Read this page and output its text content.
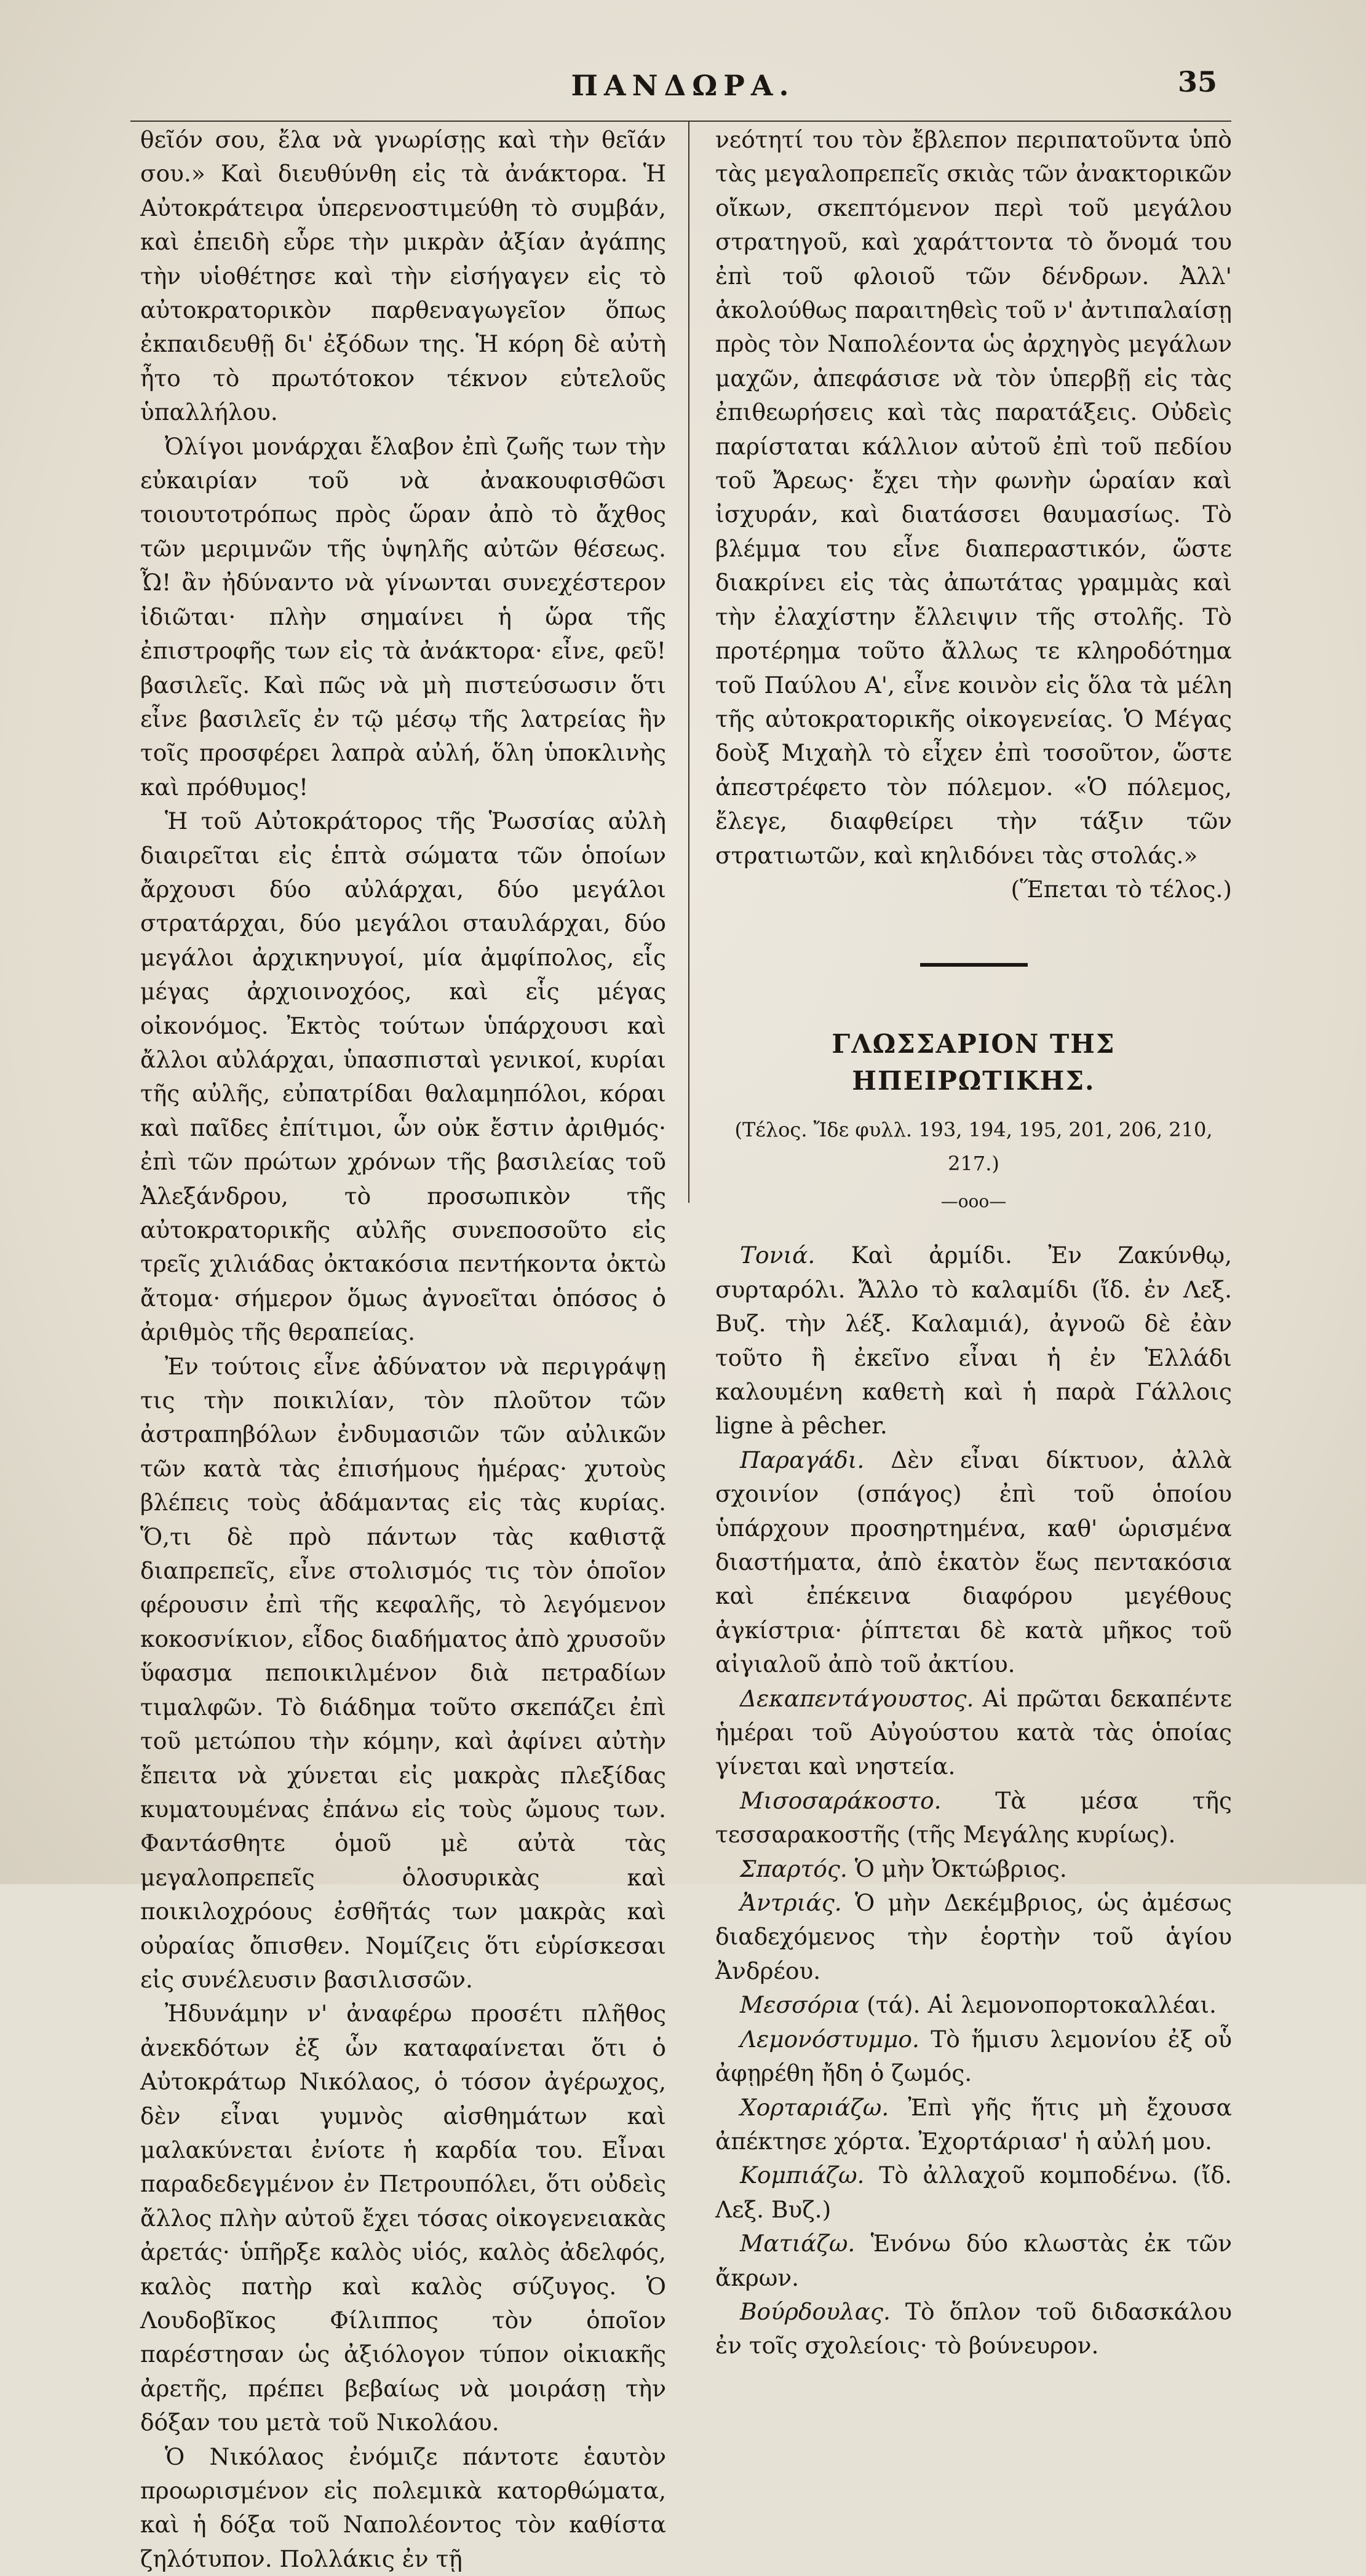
ΠΑΝΔΩΡΑ.	35

θεῖόν σου, ἔλα νὰ γνωρίσῃς καὶ τὴν θεῖάν σου.» Καὶ διευθύνθη εἰς τὰ ἀνάκτορα. Ἡ Αὐτοκράτειρα ὑπερενοστιμεύθη τὸ συμβάν, καὶ ἐπειδὴ εὗρε τὴν μικρὰν ἀξίαν ἀγάπης τὴν υἱοθέτησε καὶ τὴν εἰσήγαγεν εἰς τὸ αὐτοκρατορικὸν παρθεναγωγεῖον ὅπως ἐκπαιδευθῇ δι' ἐξόδων της. Ἡ κόρη δὲ αὐτὴ ἦτο τὸ πρωτότοκον τέκνον εὐτελοῦς ὑπαλλήλου.

Ὀλίγοι μονάρχαι ἔλαβον ἐπὶ ζωῆς των τὴν εὐκαιρίαν τοῦ νὰ ἀνακουφισθῶσι τοιουτοτρόπως πρὸς ὥραν ἀπὸ τὸ ἄχθος τῶν μεριμνῶν τῆς ὑψηλῆς αὐτῶν θέσεως. Ὦ! ἂν ἠδύναντο νὰ γίνωνται συνεχέστερον ἰδιῶται· πλὴν σημαίνει ἡ ὥρα τῆς ἐπιστροφῆς των εἰς τὰ ἀνάκτορα· εἶνε, φεῦ! βασιλεῖς. Καὶ πῶς νὰ μὴ πιστεύσωσιν ὅτι εἶνε βασιλεῖς ἐν τῷ μέσῳ τῆς λατρείας ἣν τοῖς προσφέρει λαπρὰ αὐλή, ὅλη ὑποκλινὴς καὶ πρόθυμος!

Ἡ τοῦ Αὐτοκράτορος τῆς Ῥωσσίας αὐλὴ διαιρεῖται εἰς ἑπτὰ σώματα τῶν ὁποίων ἄρχουσι δύο αὐλάρχαι, δύο μεγάλοι στρατάρχαι, δύο μεγάλοι σταυλάρχαι, δύο μεγάλοι ἀρχικηνυγοί, μία ἀμφίπολος, εἷς μέγας ἀρχιοινοχόος, καὶ εἷς μέγας οἰκονόμος. Ἐκτὸς τούτων ὑπάρχουσι καὶ ἄλλοι αὐλάρχαι, ὑπασπισταὶ γενικοί, κυρίαι τῆς αὐλῆς, εὐπατρίδαι θαλαμηπόλοι, κόραι καὶ παῖδες ἐπίτιμοι, ὧν οὐκ ἔστιν ἀριθμός· ἐπὶ τῶν πρώτων χρόνων τῆς βασιλείας τοῦ Ἀλεξάνδρου, τὸ προσωπικὸν τῆς αὐτοκρατορικῆς αὐλῆς συνεποσοῦτο εἰς τρεῖς χιλιάδας ὀκτακόσια πεντήκοντα ὀκτὼ ἄτομα· σήμερον ὅμως ἀγνοεῖται ὁπόσος ὁ ἀριθμὸς τῆς θεραπείας.

Ἐν τούτοις εἶνε ἀδύνατον νὰ περιγράψῃ τις τὴν ποικιλίαν, τὸν πλοῦτον τῶν ἀστραπηβόλων ἐνδυμασιῶν τῶν αὐλικῶν τῶν κατὰ τὰς ἐπισήμους ἡμέρας· χυτοὺς βλέπεις τοὺς ἀδάμαντας εἰς τὰς κυρίας. Ὅ,τι δὲ πρὸ πάντων τὰς καθιστᾷ διαπρεπεῖς, εἶνε στολισμός τις τὸν ὁποῖον φέρουσιν ἐπὶ τῆς κεφαλῆς, τὸ λεγόμενον κοκοσνίκιον, εἶδος διαδήματος ἀπὸ χρυσοῦν ὕφασμα πεποικιλμένον διὰ πετραδίων τιμαλφῶν. Τὸ διάδημα τοῦτο σκεπάζει ἐπὶ τοῦ μετώπου τὴν κόμην, καὶ ἀφίνει αὐτὴν ἔπειτα νὰ χύνεται εἰς μακρὰς πλεξίδας κυματουμένας ἐπάνω εἰς τοὺς ὤμους των. Φαντάσθητε ὁμοῦ μὲ αὐτὰ τὰς μεγαλοπρεπεῖς ὁλοσυρικὰς καὶ ποικιλοχρόους ἐσθῆτάς των μακρὰς καὶ οὐραίας ὄπισθεν. Νομίζεις ὅτι εὑρίσκεσαι εἰς συνέλευσιν βασιλισσῶν.

Ἠδυνάμην ν' ἀναφέρω προσέτι πλῆθος ἀνεκδότων ἐξ ὧν καταφαίνεται ὅτι ὁ Αὐτοκράτωρ Νικόλαος, ὁ τόσον ἀγέρωχος, δὲν εἶναι γυμνὸς αἰσθημάτων καὶ μαλακύνεται ἐνίοτε ἡ καρδία του. Εἶναι παραδεδεγμένον ἐν Πετρουπόλει, ὅτι οὐδεὶς ἄλλος πλὴν αὐτοῦ ἔχει τόσας οἰκογενειακὰς ἀρετάς· ὑπῆρξε καλὸς υἱός, καλὸς ἀδελφός, καλὸς πατὴρ καὶ καλὸς σύζυγος. Ὁ Λουδοβῖκος Φίλιππος τὸν ὁποῖον παρέστησαν ὡς ἀξιόλογον τύπον οἰκιακῆς ἀρετῆς, πρέπει βεβαίως νὰ μοιράσῃ τὴν δόξαν του μετὰ τοῦ Νικολάου.

Ὁ Νικόλαος ἐνόμιζε πάντοτε ἑαυτὸν προωρισμένον εἰς πολεμικὰ κατορθώματα, καὶ ἡ δόξα τοῦ Ναπολέοντος τὸν καθίστα ζηλότυπον. Πολλάκις ἐν τῇ

νεότητί του τὸν ἔβλεπον περιπατοῦντα ὑπὸ τὰς μεγαλοπρεπεῖς σκιὰς τῶν ἀνακτορικῶν οἴκων, σκεπτόμενον περὶ τοῦ μεγάλου στρατηγοῦ, καὶ χαράττοντα τὸ ὄνομά του ἐπὶ τοῦ φλοιοῦ τῶν δένδρων. Ἀλλ' ἀκολούθως παραιτηθεὶς τοῦ ν' ἀντιπαλαίσῃ πρὸς τὸν Ναπολέοντα ὡς ἀρχηγὸς μεγάλων μαχῶν, ἀπεφάσισε νὰ τὸν ὑπερβῇ εἰς τὰς ἐπιθεωρήσεις καὶ τὰς παρατάξεις. Οὐδεὶς παρίσταται κάλλιον αὐτοῦ ἐπὶ τοῦ πεδίου τοῦ Ἄρεως· ἔχει τὴν φωνὴν ὡραίαν καὶ ἰσχυράν, καὶ διατάσσει θαυμασίως. Τὸ βλέμμα του εἶνε διαπεραστικόν, ὥστε διακρίνει εἰς τὰς ἀπωτάτας γραμμὰς καὶ τὴν ἐλαχίστην ἔλλειψιν τῆς στολῆς. Τὸ προτέρημα τοῦτο ἄλλως τε κληροδότημα τοῦ Παύλου Α', εἶνε κοινὸν εἰς ὅλα τὰ μέλη τῆς αὐτοκρατορικῆς οἰκογενείας. Ὁ Μέγας δοὺξ Μιχαὴλ τὸ εἶχεν ἐπὶ τοσοῦτον, ὥστε ἀπεστρέφετο τὸν πόλεμον. «Ὁ πόλεμος, ἔλεγε, διαφθείρει τὴν τάξιν τῶν στρατιωτῶν, καὶ κηλιδόνει τὰς στολάς.»

(Ἕπεται τὸ τέλος.)

ΓΛΩΣΣΑΡΙΟΝ ΤΗΣ ΗΠΕΙΡΩΤΙΚΗΣ.
(Τέλος. Ἴδε φυλλ. 193, 194, 195, 201, 206, 210, 217.)
—ooo—

Τονιά. Καὶ ἀρμίδι. Ἐν Ζακύνθῳ, συρταρόλι. Ἄλλο τὸ καλαμίδι (ἴδ. ἐν Λεξ. Βυζ. τὴν λέξ. Καλαμιά), ἀγνοῶ δὲ ἐὰν τοῦτο ἢ ἐκεῖνο εἶναι ἡ ἐν Ἑλλάδι καλουμένη καθετὴ καὶ ἡ παρὰ Γάλλοις ligne à pêcher.

Παραγάδι. Δὲν εἶναι δίκτυον, ἀλλὰ σχοινίον (σπάγος) ἐπὶ τοῦ ὁποίου ὑπάρχουν προσηρτημένα, καθ' ὡρισμένα διαστήματα, ἀπὸ ἑκατὸν ἕως πεντακόσια καὶ ἐπέκεινα διαφόρου μεγέθους ἀγκίστρια· ῥίπτεται δὲ κατὰ μῆκος τοῦ αἰγιαλοῦ ἀπὸ τοῦ ἀκτίου.

Δεκαπεντάγουστος. Αἱ πρῶται δεκαπέντε ἡμέραι τοῦ Αὐγούστου κατὰ τὰς ὁποίας γίνεται καὶ νηστεία.

Μισοσαράκοστο. Τὰ μέσα τῆς τεσσαρακοστῆς (τῆς Μεγάλης κυρίως).

Σπαρτός. Ὁ μὴν Ὀκτώβριος.

Ἀντριάς. Ὁ μὴν Δεκέμβριος, ὡς ἀμέσως διαδεχόμενος τὴν ἑορτὴν τοῦ ἁγίου Ἀνδρέου.

Μεσσόρια (τά). Αἱ λεμονοπορτοκαλλέαι.

Λεμονόστυμμο. Τὸ ἥμισυ λεμονίου ἐξ οὗ ἀφῃρέθη ἤδη ὁ ζωμός.

Χορταριάζω. Ἐπὶ γῆς ἥτις μὴ ἔχουσα ἀπέκτησε χόρτα. Ἐχορτάριασ' ἡ αὐλή μου.

Κομπιάζω. Τὸ ἀλλαχοῦ κομποδένω. (ἴδ. Λεξ. Βυζ.)

Ματιάζω. Ἑνόνω δύο κλωστὰς ἐκ τῶν ἄκρων.

Βούρδουλας. Τὸ ὅπλον τοῦ διδασκάλου ἐν τοῖς σχολείοις· τὸ βούνευρον.
